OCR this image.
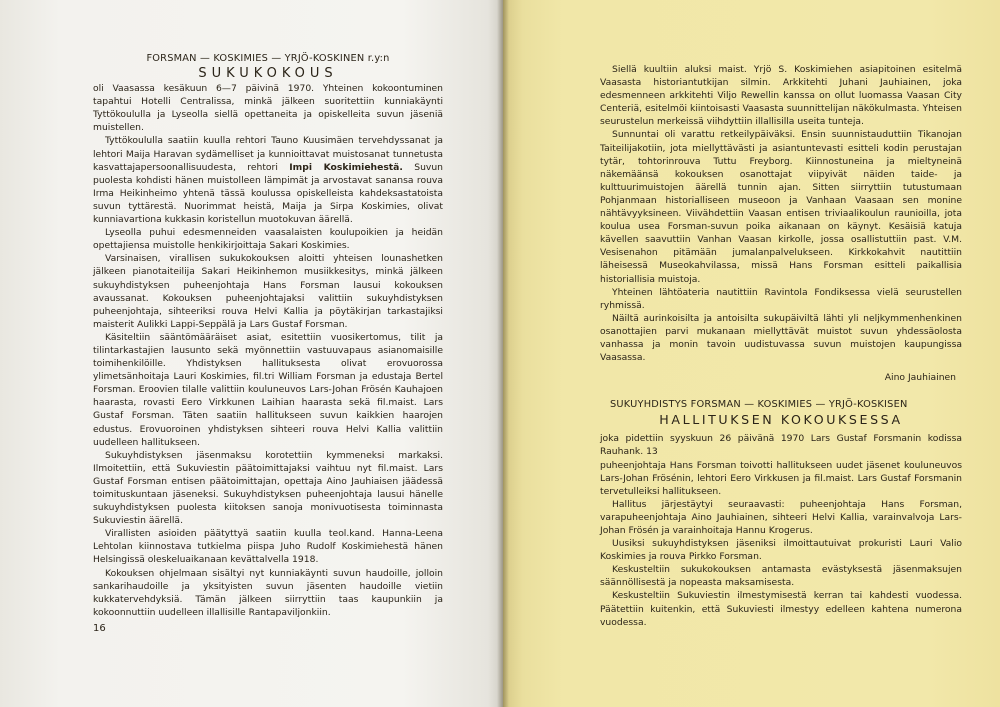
FORSMAN — KOSKIMIES — YRJÖ-KOSKINEN r.y:n
SUKUKOKOUS

oli Vaasassa kesäkuun 6—7 päivinä 1970. Yhteinen kokoontuminen tapahtui Hotelli Centralissa, minkä jälkeen suoritettiin kunniakäynti Tyttökoululla ja Lyseolla siellä opettaneita ja opiskelleita suvun jäseniä muistellen.

Tyttökoululla saatiin kuulla rehtori Tauno Kuusimäen tervehdyssanat ja lehtori Maija Haravan sydämelliset ja kunnioittavat muistosanat tunnetusta kasvattajapersoonallisuudesta, rehtori Impi Koskimiehestä. Suvun puolesta kohdisti hänen muistolleen lämpimät ja arvostavat sanansa rouva Irma Heikinheimo yhtenä tässä koulussa opiskelleista kahdeksastatoista suvun tyttärestä. Nuorimmat heistä, Maija ja Sirpa Koskimies, olivat kunniavartiona kukkasin koristellun muotokuvan äärellä.

Lyseolla puhui edesmenneiden vaasalaisten koulupoikien ja heidän opettajiensa muistolle henkikirjoittaja Sakari Koskimies.

Varsinaisen, virallisen sukukokouksen aloitti yhteisen lounashetken jälkeen pianotaiteilija Sakari Heikinhemon musiikkesitys, minkä jälkeen sukuyhdistyksen puheenjohtaja Hans Forsman lausui kokouksen avaussanat. Kokouksen puheenjohtajaksi valittiin sukuyhdistyksen puheenjohtaja, sihteeriksi rouva Helvi Kallia ja pöytäkirjan tarkastajiksi maisterit Aulikki Lappi-Seppälä ja Lars Gustaf Forsman.

Käsiteltiin sääntömääräiset asiat, esitettiin vuosikertomus, tilit ja tilintarkastajien lausunto sekä myönnettiin vastuuvapaus asianomaisille toimihenkilöille. Yhdistyksen hallituksesta olivat erovuorossa ylimetsänhoitaja Lauri Koskimies, fil.tri William Forsman ja edustaja Bertel Forsman. Eroovien tilalle valittiin kouluneuvos Lars-Johan Frösén Kauhajoen haarasta, rovasti Eero Virkkunen Laihian haarasta sekä fil.maist. Lars Gustaf Forsman. Täten saatiin hallitukseen suvun kaikkien haarojen edustus. Erovuoroinen yhdistyksen sihteeri rouva Helvi Kallia valittiin uudelleen hallitukseen.

Sukuyhdistyksen jäsenmaksu korotettiin kymmeneksi markaksi. Ilmoitettiin, että Sukuviestin päätoimittajaksi vaihtuu nyt fil.maist. Lars Gustaf Forsman entisen päätoimittajan, opettaja Aino Jauhiaisen jäädessä toimituskuntaan jäseneksi. Sukuyhdistyksen puheenjohtaja lausui hänelle sukuyhdistyksen puolesta kiitoksen sanoja monivuotisesta toiminnasta Sukuviestin äärellä.

Virallisten asioiden päätyttyä saatiin kuulla teol.kand. Hanna-Leena Lehtolan kiinnostava tutkielma piispa Juho Rudolf Koskimiehestä hänen Helsingissä oleskeluaikanaan kevättalvella 1918.

Kokouksen ohjelmaan sisältyi nyt kunniakäynti suvun haudoille, jolloin sankarihaudoille ja yksityisten suvun jäsenten haudoille vietiin kukkatervehdyksiä. Tämän jälkeen siirryttiin taas kaupunkiin ja kokoonnuttiin uudelleen illallisille Rantapaviljonkiin.

16

Siellä kuultiin aluksi maist. Yrjö S. Koskimiehen asiapitoinen esitelmä Vaasasta historiantutkijan silmin. Arkkitehti Juhani Jauhiainen, joka edesmenneen arkkitehti Viljo Rewellin kanssa on ollut luomassa Vaasan City Centeriä, esitelmöi kiintoisasti Vaasasta suunnittelijan näkökulmasta. Yhteisen seurustelun merkeissä viihdyttiin illallisilla useita tunteja.

Sunnuntai oli varattu retkeilypäiväksi. Ensin suunnistauduttiin Tikanojan Taiteilijakotiin, jota mielly​ttävästi ja asiantuntevasti esitteli kodin perustajan tytär, tohtorinrouva Tuttu Freyborg. Kiinnostuneina ja mieltyneinä näkemäänsä kokouksen osanottajat viipyivät näiden taide- ja kulttuurimuistojen äärellä tunnin ajan. Sitten siirryttiin tutustumaan Pohjanmaan historialliseen museoon ja Vanhaan Vaasaan sen monine nähtävyyksineen. Viivähdettiin Vaasan entisen triviaalikoulun raunioilla, jota koulua usea Forsman-suvun poika aikanaan on käynyt. Kesäisiä katuja kävellen saavuttiin Vanhan Vaasan kirkolle, jossa osallistuttiin past. V.M. Vesisenahon pitämään jumalanpalvelukseen. Kirkkokahvit nautittiin läheisessä Museokahvilassa, missä Hans Forsman esitteli paikallisia historiallisia muistoja.

Yhteinen lähtöateria nautittiin Ravintola Fondiksessa vielä seurustellen ryhmissä.

Näiltä aurinkoisilta ja antoisilta sukupäiviltä lähti yli neljkymmenhenkinen osanottajien parvi mukanaan miellyttävät muistot suvun yhdessäolosta vanhassa ja monin tavoin uudistuvassa suvun muistojen kaupungissa Vaasassa.

Aino Jauhiainen

SUKUYHDISTYS FORSMAN — KOSKIMIES — YRJÖ-KOSKISEN
HALLITUKSEN KOKOUKSESSA

joka pidettiin syyskuun 26 päivänä 1970 Lars Gustaf Forsmanin kodissa Rauhank. 13

puheenjohtaja Hans Forsman toivotti hallitukseen uudet jäsenet kouluneuvos Lars-Johan Frösénin, lehtori Eero Virkkusen ja fil.maist. Lars Gustaf Forsmanin tervetulleiksi hallitukseen.

Hallitus järjestäytyi seuraavasti: puheenjohtaja Hans Forsman, varapuheenjohtaja Aino Jauhiainen, sihteeri Helvi Kallia, varainvalvoja Lars-Johan Frösén ja varainhoitaja Hannu Krogerus.

Uusiksi sukuyhdistyksen jäseniksi ilmoittautuivat prokuristi Lauri Valio Koskimies ja rouva Pirkko Forsman.

Keskusteltiin sukukokouksen antamasta evästyksestä jäsenmaksujen säännöllisestä ja nopeasta maksamisesta.

Keskusteltiin Sukuviestin ilmestymisestä kerran tai kahdesti vuodessa. Päätettiin kuitenkin, että Sukuviesti ilmestyy edelleen kahtena numerona vuodessa.
